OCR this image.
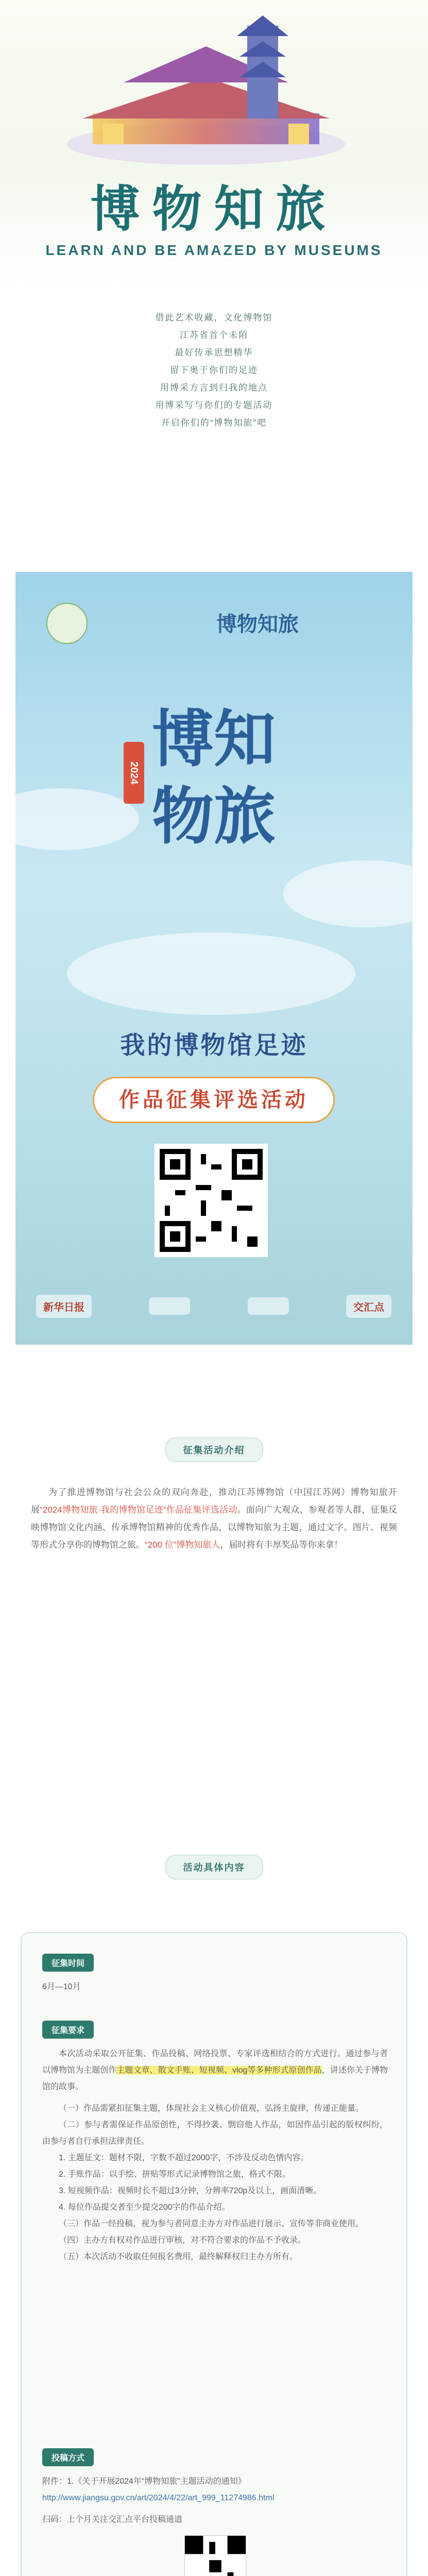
博物知旅
LEARN AND BE AMAZED BY MUSEUMS

借此艺术收藏，文化博物馆

江苏省首个未陌

最好传承思想精华

留下奥于你们的足迹

用博采方言到归我的地点

用博采写与你们的专题活动

开启你们的“博物知旅”吧

博物知旅
2024 博知物旅
我的博物馆足迹
作品征集评选活动
新华日报	交汇点
征集活动介绍
为了推进博物馆与社会公众的双向奔赴，推动江苏博物馆（中国江苏网）博物知旅开展“2024博物知旅·我的博物馆足迹”作品征集评选活动。面向广大观众、参观者等人群，征集反映博物馆文化内涵、传承博物馆精神的优秀作品，以博物知旅为主题，通过文字、图片、视频等形式分享你的博物馆之旅。“200 位”博物知旅人，届时将有丰厚奖品等你来拿！
活动具体内容
征集时间

6月—10月

征集要求

本次活动采取公开征集、作品投稿、网络投票、专家评选相结合的方式进行。通过参与者以博物馆为主题创作主题文章、散文手账、短视频、vlog等多种形式原创作品，讲述你关于博物馆的故事。

（一）作品需紧扣征集主题，体现社会主义核心价值观，弘扬主旋律，传递正能量。

（二）参与者需保证作品原创性，不得抄袭、剽窃他人作品，如因作品引起的版权纠纷，由参与者自行承担法律责任。

1. 主题征文：题材不限，字数不超过2000字，不涉及反动色情内容。

2. 手账作品：以手绘、拼贴等形式记录博物馆之旅，格式不限。

3. 短视频作品：视频时长不超过3分钟，分辨率720p及以上，画面清晰。

4. 每位作品提交者至少提交200字的作品介绍。

（三）作品一经投稿，视为参与者同意主办方对作品进行展示、宣传等非商业使用。

（四）主办方有权对作品进行审核，对不符合要求的作品不予收录。

（五）本次活动不收取任何报名费用，最终解释权归主办方所有。

投稿方式

附件：1.《关于开展2024年“博物知旅”主题活动的通知》

http://www.jiangsu.gov.cn/art/2024/4/22/art_999_11274986.html

扫码：上个月关注交汇点平台投稿通道
